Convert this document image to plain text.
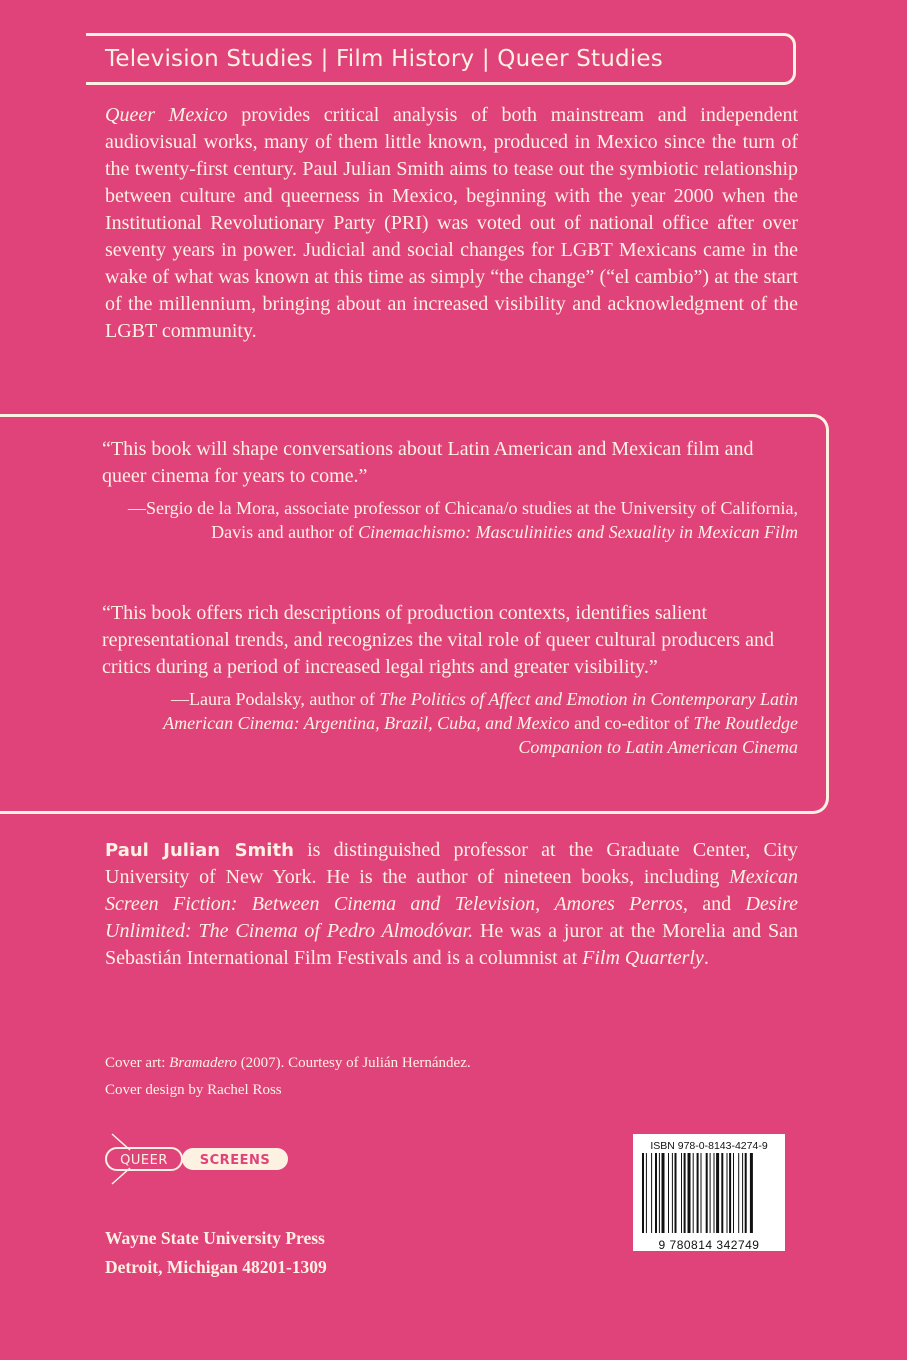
Television Studies | Film History | Queer Studies

Queer Mexico provides critical analysis of both mainstream and independent audiovisual works, many of them little known, produced in Mexico since the turn of the twenty-first century. Paul Julian Smith aims to tease out the symbiotic relationship between culture and queerness in Mexico, beginning with the year 2000 when the Institutional Revolutionary Party (PRI) was voted out of national office after over seventy years in power. Judicial and social changes for LGBT Mexicans came in the wake of what was known at this time as simply “the change” (“el cambio”) at the start of the millennium, bringing about an increased visibility and acknowledgment of the LGBT community.

“This book will shape conversations about Latin American and Mexican film and queer cinema for years to come.”

—Sergio de la Mora, associate professor of Chicana/o studies at the University of California, Davis and author of Cinemachismo: Masculinities and Sexuality in Mexican Film

“This book offers rich descriptions of production contexts, identifies salient representational trends, and recognizes the vital role of queer cultural producers and critics during a period of increased legal rights and greater visibility.”

—Laura Podalsky, author of The Politics of Affect and Emotion in Contemporary Latin American Cinema: Argentina, Brazil, Cuba, and Mexico and co-editor of The Routledge Companion to Latin American Cinema

Paul Julian Smith is distinguished professor at the Graduate Center, City University of New York. He is the author of nineteen books, including Mexican Screen Fiction: Between Cinema and Television, Amores Perros, and Desire Unlimited: The Cinema of Pedro Almodóvar. He was a juror at the Morelia and San Sebastián International Film Festivals and is a columnist at Film Quarterly.

Cover art: Bramadero (2007). Courtesy of Julián Hernández.
Cover design by Rachel Ross
QUEER SCREENS
Wayne State University Press
Detroit, Michigan 48201-1309
ISBN 978-0-8143-4274-9
9 780814 342749
